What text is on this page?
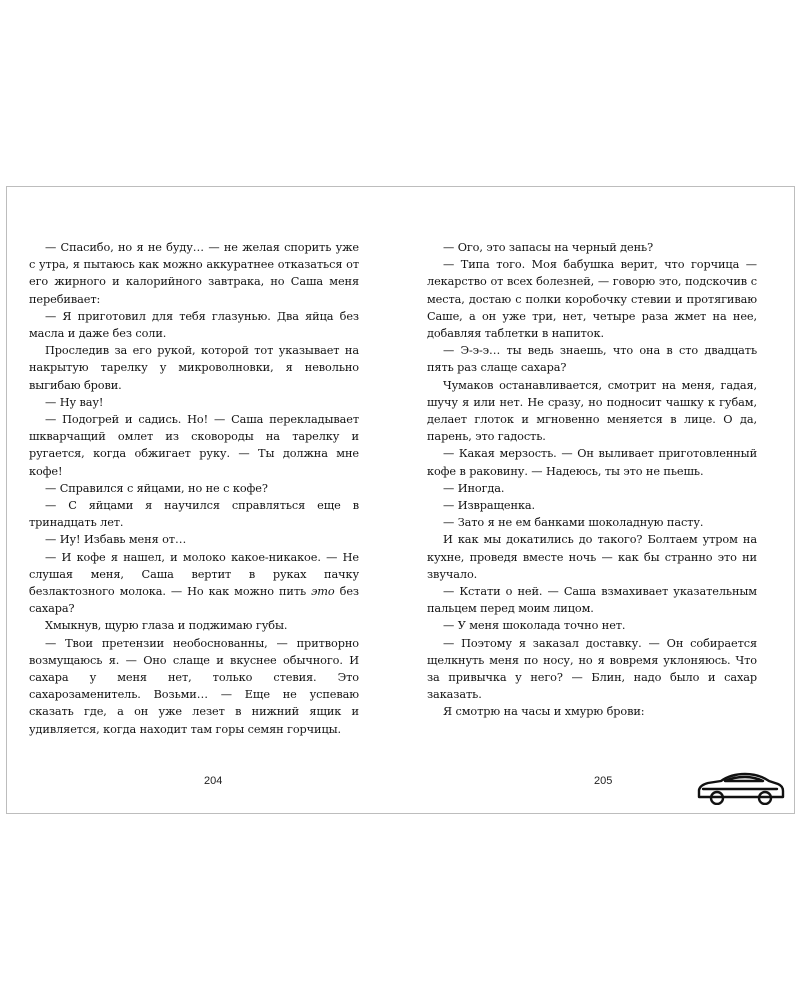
— Спасибо, но я не буду… — не желая спорить уже с утра, я пытаюсь как можно аккуратнее отказаться от его жирного и калорийного завтрака, но Саша меня перебивает:

— Я приготовил для тебя глазунью. Два яйца без масла и даже без соли.

Проследив за его рукой, которой тот указывает на накрытую тарелку у микроволновки, я невольно выгибаю брови.

— Ну вау!

— Подогрей и садись. Но! — Саша перекладывает шкварчащий омлет из сковороды на тарелку и ругается, когда обжигает руку. — Ты должна мне кофе!

— Справился с яйцами, но не с кофе?

— С яйцами я научился справляться еще в тринадцать лет.

— Иу! Избавь меня от…

— И кофе я нашел, и молоко какое-никакое. — Не слушая меня, Саша вертит в руках пачку безлактозного молока. — Но как можно пить это без сахара?

Хмыкнув, щурю глаза и поджимаю губы.

— Твои претензии необоснованны, — притворно возмущаюсь я. — Оно слаще и вкуснее обычного. И сахара у меня нет, только стевия. Это сахарозаменитель. Возьми… — Еще не успеваю сказать где, а он уже лезет в нижний ящик и удивляется, когда находит там горы семян горчицы.

— Ого, это запасы на черный день?

— Типа того. Моя бабушка верит, что горчица — лекарство от всех болезней, — говорю это, подскочив с места, достаю с полки коробочку стевии и протягиваю Саше, а он уже три, нет, четыре раза жмет на нее, добавляя таблетки в напиток.

— Э-э-э… ты ведь знаешь, что она в сто двадцать пять раз слаще сахара?

Чумаков останавливается, смотрит на меня, гадая, шучу я или нет. Не сразу, но подносит чашку к губам, делает глоток и мгновенно меняется в лице. О да, парень, это гадость.

— Какая мерзость. — Он выливает приготовленный кофе в раковину. — Надеюсь, ты это не пьешь.

— Иногда.

— Извращенка.

— Зато я не ем банками шоколадную пасту.

И как мы докатились до такого? Болтаем утром на кухне, проведя вместе ночь — как бы странно это ни звучало.

— Кстати о ней. — Саша взмахивает указательным пальцем перед моим лицом.

— У меня шоколада точно нет.

— Поэтому я заказал доставку. — Он собирается щелкнуть меня по носу, но я вовремя уклоняюсь. Что за привычка у него? — Блин, надо было и сахар заказать.

Я смотрю на часы и хмурю брови:

204	205
